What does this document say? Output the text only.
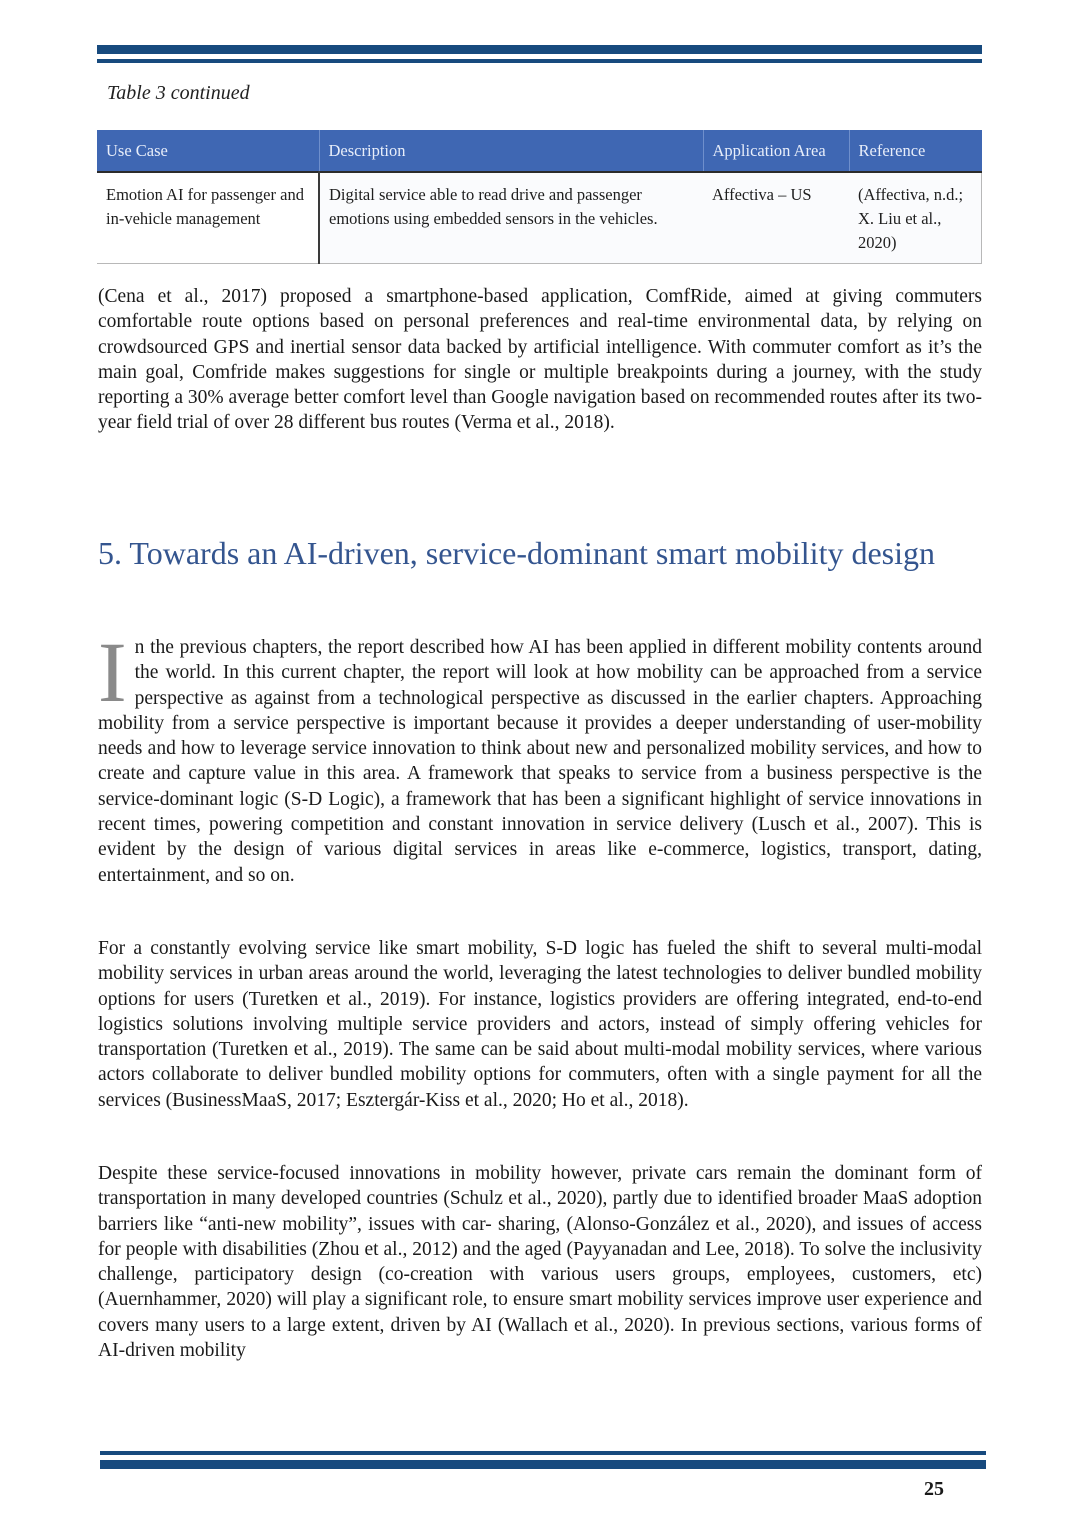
Table 3 continued
Use Case	Description	Application Area	Reference
Emotion AI for passenger and in-vehicle management	Digital service able to read drive and passenger emotions using embedded sensors in the vehicles.	Affectiva – US	(Affectiva, n.d.; X. Liu et al., 2020)

(Cena et al., 2017) proposed a smartphone-based application, ComfRide, aimed at giving commuters comfortable route options based on personal preferences and real-time environmental data, by relying on crowdsourced GPS and inertial sensor data backed by artificial intelligence. With commuter comfort as it’s the main goal, Comfride makes suggestions for single or multiple breakpoints during a journey, with the study reporting a 30% average better comfort level than Google navigation based on recommended routes after its two-year field trial of over 28 different bus routes (Verma et al., 2018).

5. Towards an AI-driven, service-dominant smart mobility design

In the previous chapters, the report described how AI has been applied in different mobility contents around the world. In this current chapter, the report will look at how mobility can be approached from a service perspective as against from a technological perspective as discussed in the earlier chapters. Approaching mobility from a service perspective is important because it provides a deeper understanding of user-mobility needs and how to leverage service innovation to think about new and personalized mobility services, and how to create and capture value in this area. A framework that speaks to service from a business perspective is the service-dominant logic (S-D Logic), a framework that has been a significant highlight of service innovations in recent times, powering competition and constant innovation in service delivery (Lusch et al., 2007). This is evident by the design of various digital services in areas like e-commerce, logistics, transport, dating, entertainment, and so on.

For a constantly evolving service like smart mobility, S-D logic has fueled the shift to several multi-modal mobility services in urban areas around the world, leveraging the latest technologies to deliver bundled mobility options for users (Turetken et al., 2019). For instance, logistics providers are offering integrated, end-to-end logistics solutions involving multiple service providers and actors, instead of simply offering vehicles for transportation (Turetken et al., 2019). The same can be said about multi-modal mobility services, where various actors collaborate to deliver bundled mobility options for commuters, often with a single payment for all the services (BusinessMaaS, 2017; Esztergár-Kiss et al., 2020; Ho et al., 2018).

Despite these service-focused innovations in mobility however, private cars remain the dominant form of transportation in many developed countries (Schulz et al., 2020), partly due to identified broader MaaS adoption barriers like “anti-new mobility”, issues with car- sharing, (Alonso-González et al., 2020), and issues of access for people with disabilities (Zhou et al., 2012) and the aged (Payyanadan and Lee, 2018). To solve the inclusivity challenge, participatory design (co-creation with various users groups, employees, customers, etc) (Auernhammer, 2020) will play a significant role, to ensure smart mobility services improve user experience and covers many users to a large extent, driven by AI (Wallach et al., 2020). In previous sections, various forms of AI-driven mobility

25
